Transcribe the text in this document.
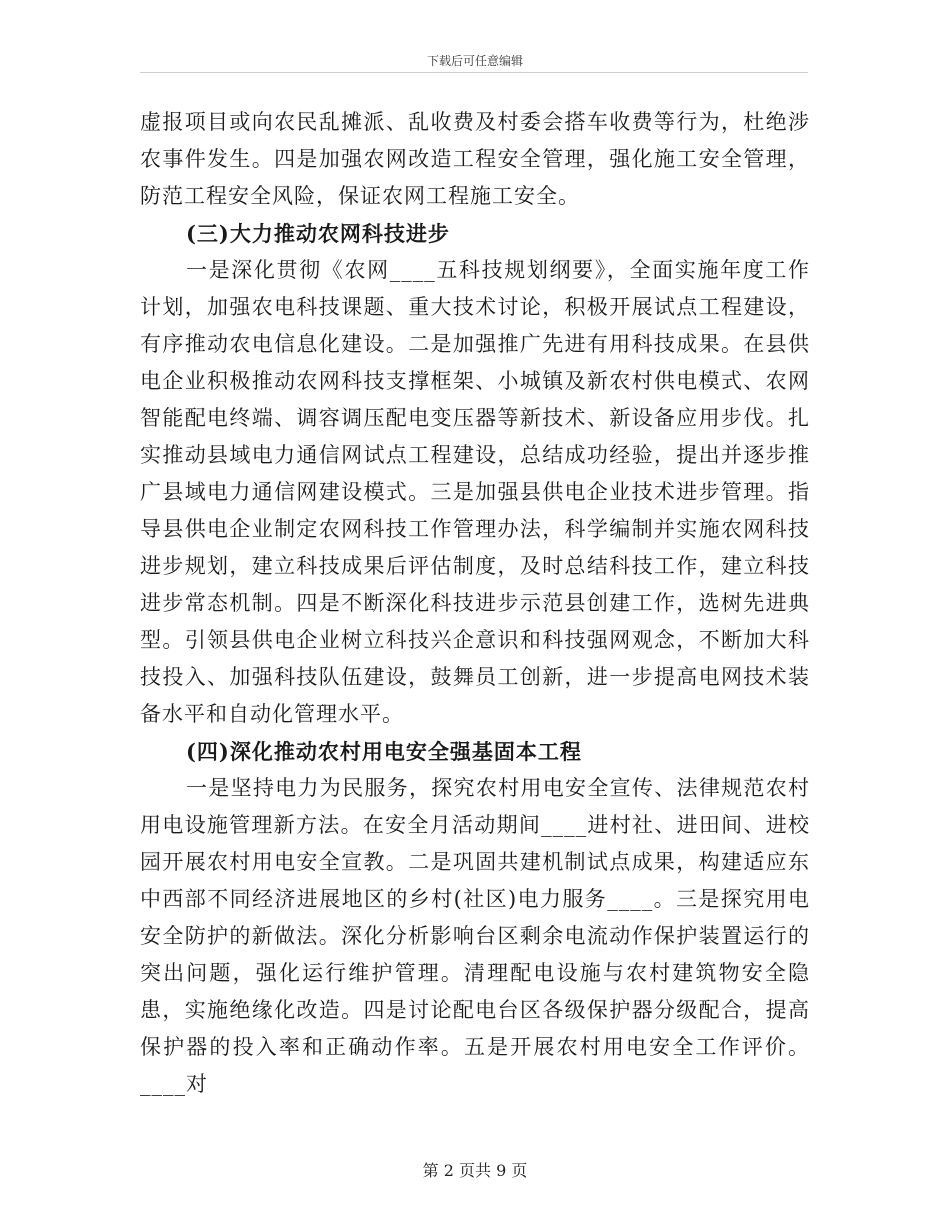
下载后可任意编辑

虚报项目或向农民乱摊派、乱收费及村委会搭车收费等行为，杜绝涉农事件发生。四是加强农网改造工程安全管理，强化施工安全管理，防范工程安全风险，保证农网工程施工安全。

(三)大力推动农网科技进步

一是深化贯彻《农网____五科技规划纲要》，全面实施年度工作计划，加强农电科技课题、重大技术讨论，积极开展试点工程建设，有序推动农电信息化建设。二是加强推广先进有用科技成果。在县供电企业积极推动农网科技支撑框架、小城镇及新农村供电模式、农网智能配电终端、调容调压配电变压器等新技术、新设备应用步伐。扎实推动县域电力通信网试点工程建设，总结成功经验，提出并逐步推广县域电力通信网建设模式。三是加强县供电企业技术进步管理。指导县供电企业制定农网科技工作管理办法，科学编制并实施农网科技进步规划，建立科技成果后评估制度，及时总结科技工作，建立科技进步常态机制。四是不断深化科技进步示范县创建工作，选树先进典型。引领县供电企业树立科技兴企意识和科技强网观念，不断加大科技投入、加强科技队伍建设，鼓舞员工创新，进一步提高电网技术装备水平和自动化管理水平。

(四)深化推动农村用电安全强基固本工程

一是坚持电力为民服务，探究农村用电安全宣传、法律规范农村用电设施管理新方法。在安全月活动期间____进村社、进田间、进校园开展农村用电安全宣教。二是巩固共建机制试点成果，构建适应东中西部不同经济进展地区的乡村(社区)电力服务____。三是探究用电安全防护的新做法。深化分析影响台区剩余电流动作保护装置运行的突出问题，强化运行维护管理。清理配电设施与农村建筑物安全隐患，实施绝缘化改造。四是讨论配电台区各级保护器分级配合，提高保护器的投入率和正确动作率。五是开展农村用电安全工作评价。____对

第 2 页共 9 页
